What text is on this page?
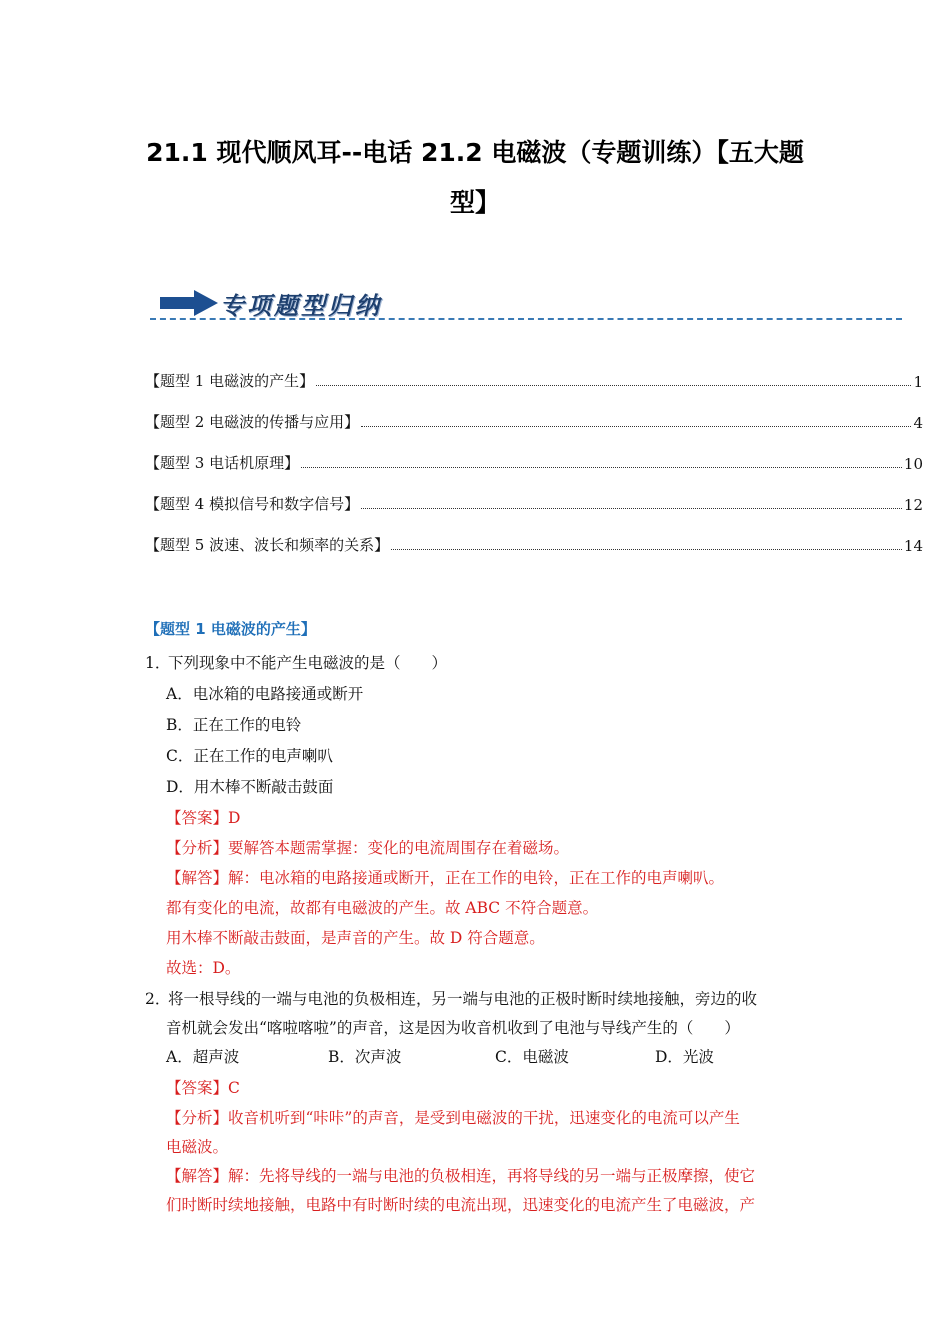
21.1 现代顺风耳--电话 21.2 电磁波（专题训练）【五大题
型】
专项题型归纳
【题型 1 电磁波的产生】	1
【题型 2 电磁波的传播与应用】	4
【题型 3 电话机原理】	10
【题型 4 模拟信号和数字信号】	12
【题型 5 波速、波长和频率的关系】	14
【题型 1 电磁波的产生】
1．
下列现象中不能产生电磁波的是（　　）
A．电冰箱的电路接通或断开
B．正在工作的电铃
C．正在工作的电声喇叭
D．用木棒不断敲击鼓面
【答案】D
【分析】要解答本题需掌握：变化的电流周围存在着磁场。
【解答】解：电冰箱的电路接通或断开，正在工作的电铃，正在工作的电声喇叭。
都有变化的电流，故都有电磁波的产生。故 ABC 不符合题意。
用木棒不断敲击鼓面，是声音的产生。故 D 符合题意。
故选：D。
2．
将一根导线的一端与电池的负极相连，另一端与电池的正极时断时续地接触，旁边的收
音机就会发出“喀啦喀啦”的声音，这是因为收音机收到了电池与导线产生的（　　）
A．超声波	B．次声波	C．电磁波	D．光波
【答案】C
【分析】收音机听到“咔咔”的声音，是受到电磁波的干扰，迅速变化的电流可以产生
电磁波。
【解答】解：先将导线的一端与电池的负极相连，再将导线的另一端与正极摩擦，使它
们时断时续地接触，电路中有时断时续的电流出现，迅速变化的电流产生了电磁波，产
